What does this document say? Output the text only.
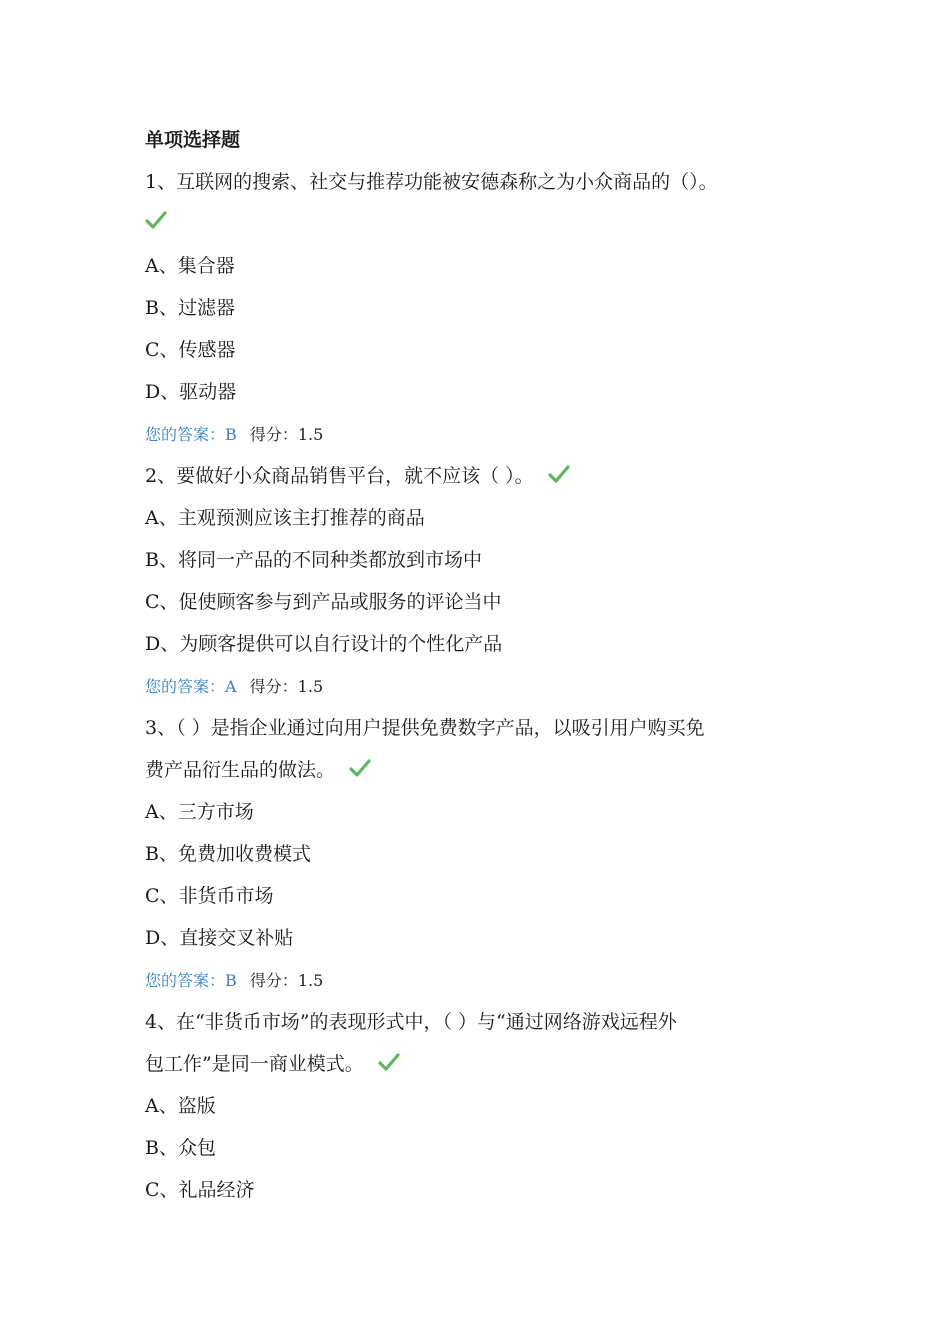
单项选择题
1、互联网的搜索、社交与推荐功能被安德森称之为小众商品的（）。
A、集合器
B、过滤器
C、传感器
D、驱动器
您的答案：B 得分：1.5
2、要做好小众商品销售平台，就不应该（ ）。
A、主观预测应该主打推荐的商品
B、将同一产品的不同种类都放到市场中
C、促使顾客参与到产品或服务的评论当中
D、为顾客提供可以自行设计的个性化产品
您的答案：A 得分：1.5
3、（ ）是指企业通过向用户提供免费数字产品，以吸引用户购买免
费产品衍生品的做法。
A、三方市场
B、免费加收费模式
C、非货币市场
D、直接交叉补贴
您的答案：B 得分：1.5
4、在“非货币市场”的表现形式中，（ ）与“通过网络游戏远程外
包工作”是同一商业模式。
A、盗版
B、众包
C、礼品经济
